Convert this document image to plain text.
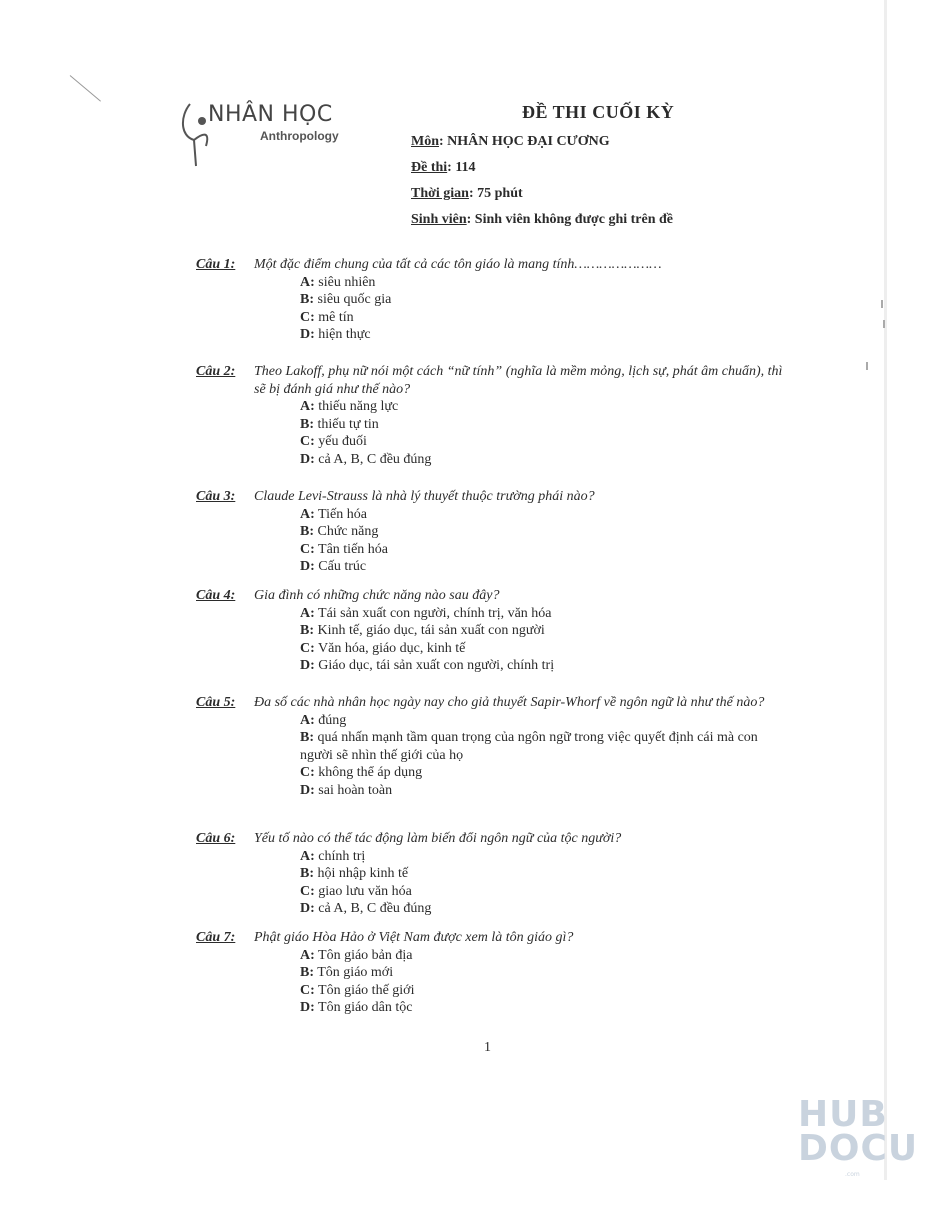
NHÂN HỌC
Anthropology
ĐỀ THI CUỐI KỲ
Môn: NHÂN HỌC ĐẠI CƯƠNG
Đề thi: 114
Thời gian: 75 phút
Sinh viên: Sinh viên không được ghi trên đề
Câu 1:	Một đặc điểm chung của tất cả các tôn giáo là mang tính…………………
A: siêu nhiên
B: siêu quốc gia
C: mê tín
D: hiện thực
Câu 2:	Theo Lakoff, phụ nữ nói một cách “nữ tính” (nghĩa là mềm mỏng, lịch sự, phát âm chuẩn), thì sẽ bị đánh giá như thế nào?
A: thiếu năng lực
B: thiếu tự tin
C: yếu đuối
D: cả A, B, C đều đúng
Câu 3:	Claude Levi-Strauss là nhà lý thuyết thuộc trường phái nào?
A: Tiến hóa
B: Chức năng
C: Tân tiến hóa
D: Cấu trúc
Câu 4:	Gia đình có những chức năng nào sau đây?
A: Tái sản xuất con người, chính trị, văn hóa
B: Kinh tế, giáo dục, tái sản xuất con người
C: Văn hóa, giáo dục, kinh tế
D: Giáo dục, tái sản xuất con người, chính trị
Câu 5:	Đa số các nhà nhân học ngày nay cho giả thuyết Sapir-Whorf về ngôn ngữ là như thế nào?
A: đúng
B: quá nhấn mạnh tầm quan trọng của ngôn ngữ trong việc quyết định cái mà con người sẽ nhìn thế giới của họ
C: không thể áp dụng
D: sai hoàn toàn
Câu 6:	Yếu tố nào có thể tác động làm biến đổi ngôn ngữ của tộc người?
A: chính trị
B: hội nhập kinh tế
C: giao lưu văn hóa
D: cả A, B, C đều đúng
Câu 7:	Phật giáo Hòa Hảo ở Việt Nam được xem là tôn giáo gì?
A: Tôn giáo bản địa
B: Tôn giáo mới
C: Tôn giáo thế giới
D: Tôn giáo dân tộc
1
HUB
DOCU
.com
